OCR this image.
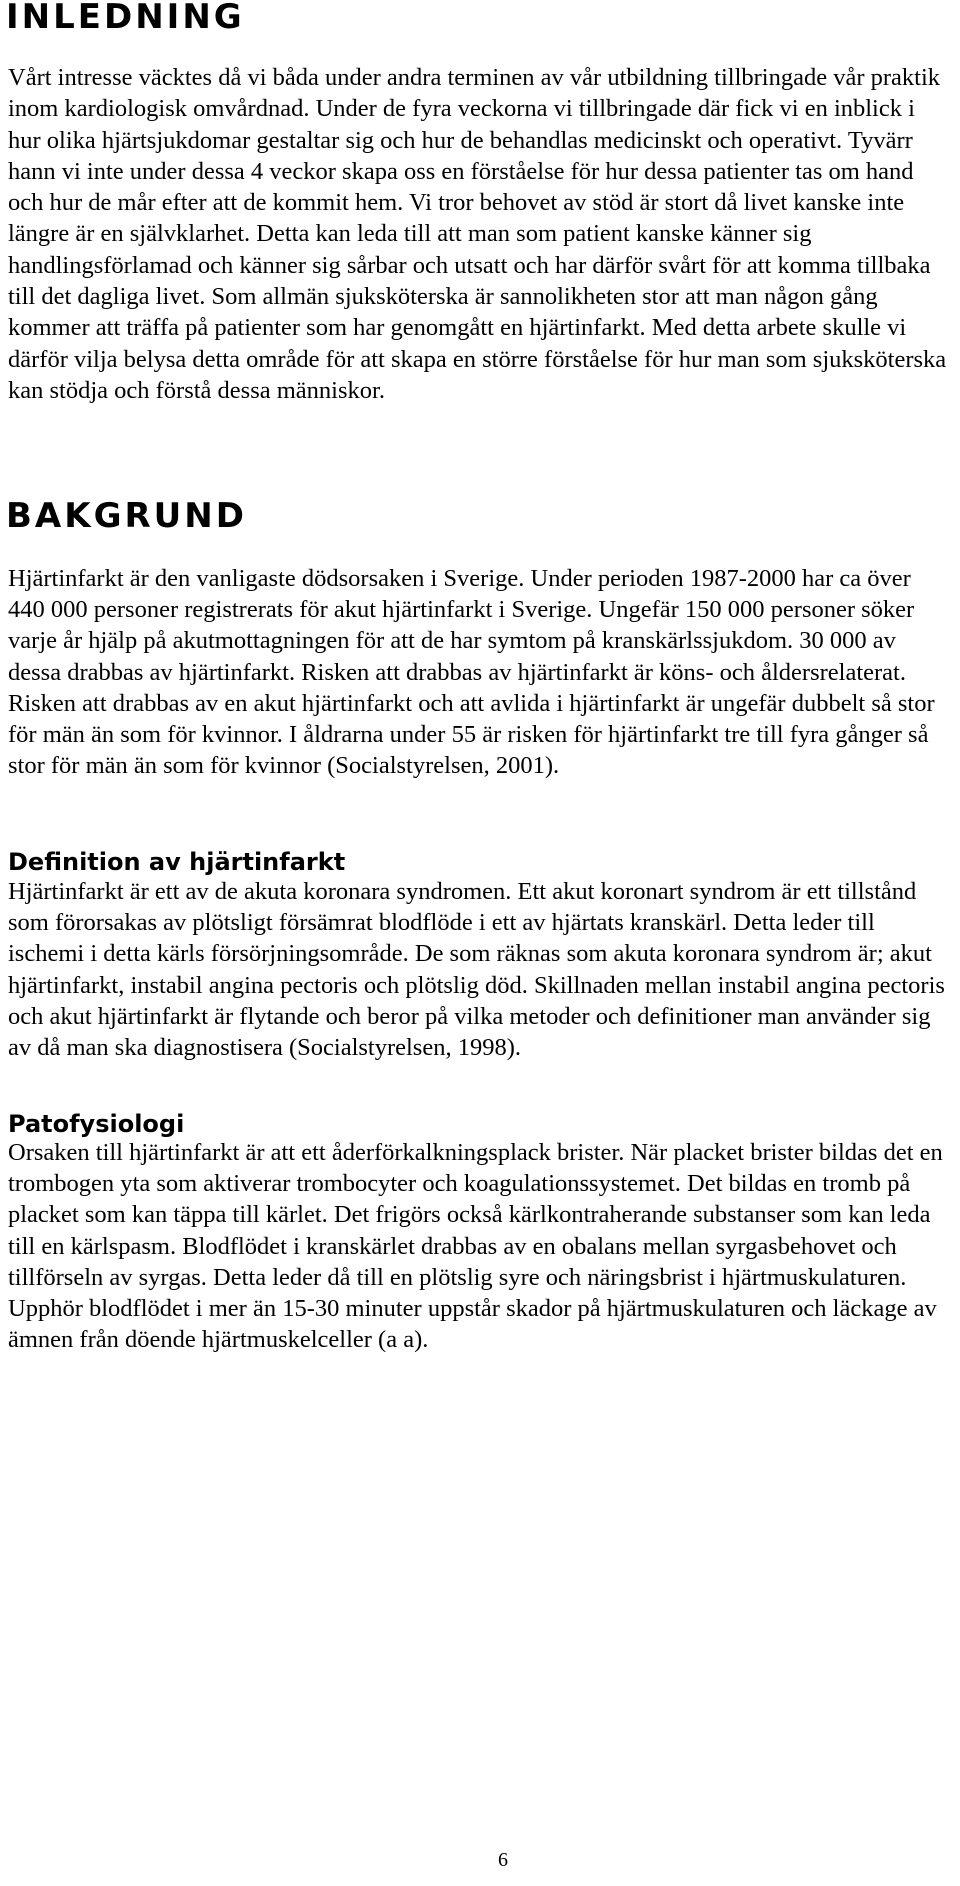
INLEDNING

Vårt intresse väcktes då vi båda under andra terminen av vår utbildning tillbringade vår praktik inom kardiologisk omvårdnad. Under de fyra veckorna vi tillbringade där fick vi en inblick i hur olika hjärtsjukdomar gestaltar sig och hur de behandlas medicinskt och operativt. Tyvärr hann vi inte under dessa 4 veckor skapa oss en förståelse för hur dessa patienter tas om hand och hur de mår efter att de kommit hem. Vi tror behovet av stöd är stort då livet kanske inte längre är en självklarhet. Detta kan leda till att man som patient kanske känner sig handlingsförlamad och känner sig sårbar och utsatt och har därför svårt för att komma tillbaka till det dagliga livet. Som allmän sjuksköterska är sannolikheten stor att man någon gång kommer att träffa på patienter som har genomgått en hjärtinfarkt. Med detta arbete skulle vi därför vilja belysa detta område för att skapa en större förståelse för hur man som sjuksköterska kan stödja och förstå dessa människor.

BAKGRUND

Hjärtinfarkt är den vanligaste dödsorsaken i Sverige. Under perioden 1987-2000 har ca över 440 000 personer registrerats för akut hjärtinfarkt i Sverige. Ungefär 150 000 personer söker varje år hjälp på akutmottagningen för att de har symtom på kranskärlssjukdom. 30 000 av dessa drabbas av hjärtinfarkt. Risken att drabbas av hjärtinfarkt är köns- och åldersrelaterat. Risken att drabbas av en akut hjärtinfarkt och att avlida i hjärtinfarkt är ungefär dubbelt så stor för män än som för kvinnor. I åldrarna under 55 är risken för hjärtinfarkt tre till fyra gånger så stor för män än som för kvinnor (Socialstyrelsen, 2001).

Definition av hjärtinfarkt

Hjärtinfarkt är ett av de akuta koronara syndromen. Ett akut koronart syndrom är ett tillstånd som förorsakas av plötsligt försämrat blodflöde i ett av hjärtats kranskärl. Detta leder till ischemi i detta kärls försörjningsområde. De som räknas som akuta koronara syndrom är; akut hjärtinfarkt, instabil angina pectoris och plötslig död. Skillnaden mellan instabil angina pectoris och akut hjärtinfarkt är flytande och beror på vilka metoder och definitioner man använder sig av då man ska diagnostisera (Socialstyrelsen, 1998).

Patofysiologi

Orsaken till hjärtinfarkt är att ett åderförkalkningsplack brister. När placket brister bildas det en trombogen yta som aktiverar trombocyter och koagulationssystemet. Det bildas en tromb på placket som kan täppa till kärlet. Det frigörs också kärlkontraherande substanser som kan leda till en kärlspasm. Blodflödet i kranskärlet drabbas av en obalans mellan syrgasbehovet och tillförseln av syrgas. Detta leder då till en plötslig syre och näringsbrist i hjärtmuskulaturen. Upphör blodflödet i mer än 15-30 minuter uppstår skador på hjärtmuskulaturen och läckage av ämnen från döende hjärtmuskelceller (a a).

6
